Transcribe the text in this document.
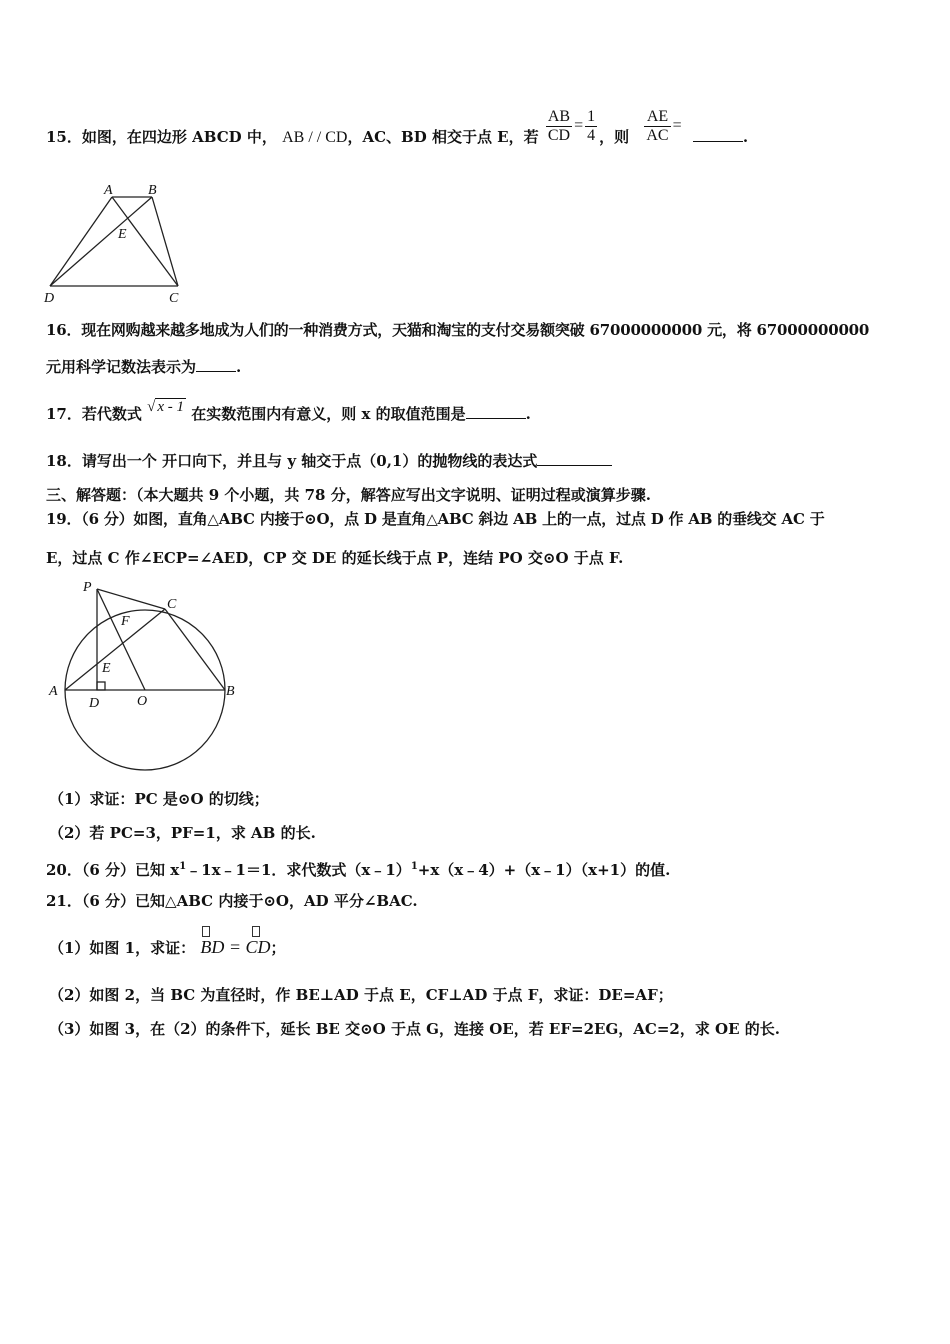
15．如图，在四边形 ABCD 中， AB / / CD，AC、BD 相交于点 E，若 $\frac{AB}{CD} = \frac{1}{4}$ ，则 $\frac{AE}{AC}$ = .
A	B
E
D	C
16．现在网购越来越多地成为人们的一种消费方式，天猫和淘宝的支付交易额突破 67000000000 元，将 67000000000
元用科学记数法表示为	.
17．若代数式 √ x - 1 在实数范围内有意义，则 x 的取值范围是	.
18．请写出一个 开口向下，并且与 y 轴交于点（0,1）的抛物线的表达式
三、解答题：（本大题共 9 个小题，共 78 分，解答应写出文字说明、证明过程或演算步骤.
19．（6 分）如图，直角△ABC 内接于⊙O，点 D 是直角△ABC 斜边 AB 上的一点，过点 D 作 AB 的垂线交 AC 于
E，过点 C 作∠ECP=∠AED，CP 交 DE 的延长线于点 P，连结 PO 交⊙O 于点 F.
P
C
F
E
A
D	O
B
（1）求证：PC 是⊙O 的切线；
（2）若 PC=3，PF=1，求 AB 的长.
20．（6 分）已知 $x^1﹣1x﹣1=1$．求代数式（x﹣1）$^1$+x（x﹣4）+（x﹣1）（x+1）的值.
21．（6 分）已知△ABC 内接于⊙O，AD 平分∠BAC.
（1）如图 1，求证： BD =
CD；
（2）如图 2，当 BC 为直径时，作 BE⊥AD 于点 E，CF⊥AD 于点 F，求证：DE=AF；
（3）如图 3，在（2）的条件下，延长 BE 交⊙O 于点 G，连接 OE，若 EF=2EG，AC=2，求 OE 的长.
